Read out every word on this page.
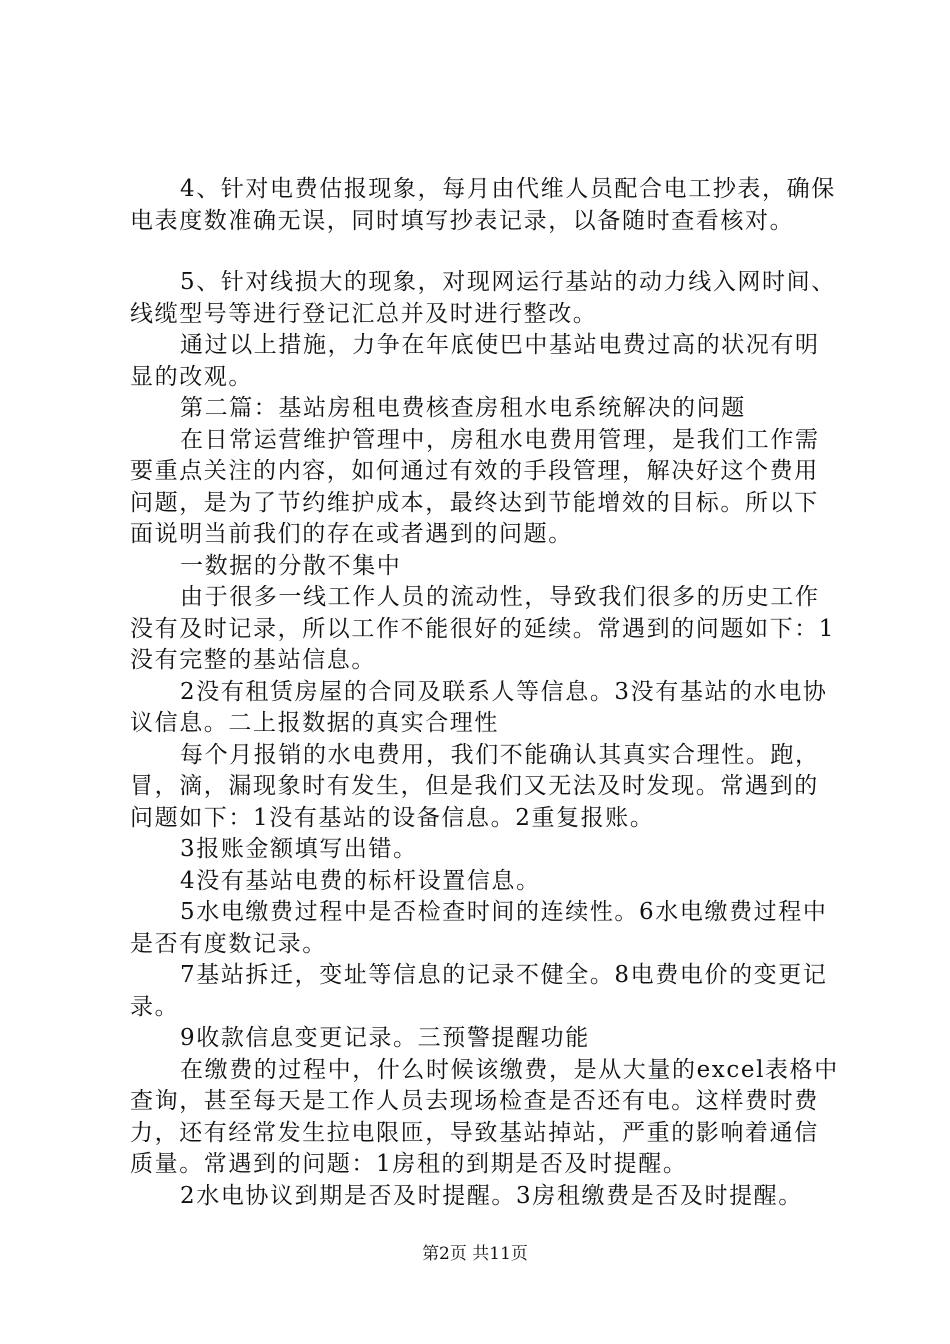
4、针对电费估报现象，每月由代维人员配合电工抄表，确保电表度数准确无误，同时填写抄表记录，以备随时查看核对。

5、针对线损大的现象，对现网运行基站的动力线入网时间、线缆型号等进行登记汇总并及时进行整改。

通过以上措施，力争在年底使巴中基站电费过高的状况有明显的改观。

第二篇：基站房租电费核查房租水电系统解决的问题

在日常运营维护管理中，房租水电费用管理，是我们工作需要重点关注的内容，如何通过有效的手段管理，解决好这个费用问题，是为了节约维护成本，最终达到节能增效的目标。所以下面说明当前我们的存在或者遇到的问题。

一数据的分散不集中

由于很多一线工作人员的流动性，导致我们很多的历史工作没有及时记录，所以工作不能很好的延续。常遇到的问题如下：1没有完整的基站信息。

2没有租赁房屋的合同及联系人等信息。3没有基站的水电协议信息。二上报数据的真实合理性

每个月报销的水电费用，我们不能确认其真实合理性。跑，冒，滴，漏现象时有发生，但是我们又无法及时发现。常遇到的问题如下：1没有基站的设备信息。2重复报账。

3报账金额填写出错。

4没有基站电费的标杆设置信息。

5水电缴费过程中是否检查时间的连续性。6水电缴费过程中是否有度数记录。

7基站拆迁，变址等信息的记录不健全。8电费电价的变更记录。

9收款信息变更记录。三预警提醒功能

在缴费的过程中，什么时候该缴费，是从大量的excel表格中查询，甚至每天是工作人员去现场检查是否还有电。这样费时费力，还有经常发生拉电限匝，导致基站掉站，严重的影响着通信质量。常遇到的问题：1房租的到期是否及时提醒。

2水电协议到期是否及时提醒。3房租缴费是否及时提醒。

第2页 共11页
